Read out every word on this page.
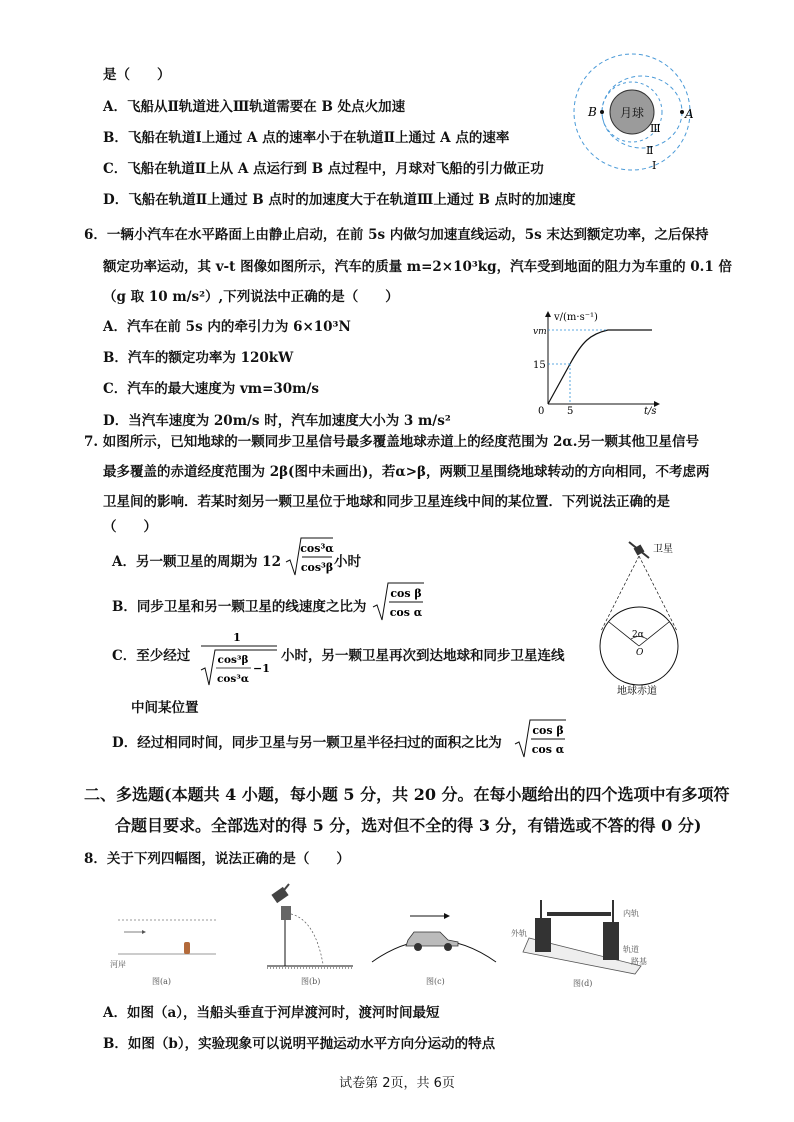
是（　　）
A．飞船从Ⅱ轨道进入Ⅲ轨道需要在 B 处点火加速
B．飞船在轨道Ⅰ上通过 A 点的速率小于在轨道Ⅱ上通过 A 点的速率
C．飞船在轨道Ⅱ上从 A 点运行到 B 点过程中，月球对飞船的引力做正功
D．飞船在轨道Ⅱ上通过 B 点时的加速度大于在轨道Ⅲ上通过 B 点时的加速度
月球
B	A
Ⅲ
Ⅱ
Ⅰ
6．一辆小汽车在水平路面上由静止启动，在前 5s 内做匀加速直线运动，5s 末达到额定功率，之后保持
额定功率运动，其 v-t 图像如图所示，汽车的质量 m=2×10³kg，汽车受到地面的阻力为车重的 0.1 倍
（g 取 10 m/s²）,下列说法中正确的是（　　）
A．汽车在前 5s 内的牵引力为 6×10³N
B．汽车的额定功率为 120kW
C．汽车的最大速度为 vm=30m/s
D．当汽车速度为 20m/s 时，汽车加速度大小为 3 m/s²
v/(m·s⁻¹)
t/s
vm
15
5
0
7. 如图所示，已知地球的一颗同步卫星信号最多覆盖地球赤道上的经度范围为 2α.另一颗其他卫星信号
最多覆盖的赤道经度范围为 2β(图中未画出)，若α>β，两颗卫星围绕地球转动的方向相同，不考虑两
卫星间的影响．若某时刻另一颗卫星位于地球和同步卫星连线中间的某位置．下列说法正确的是
（　　）
A．另一颗卫星的周期为 12
cos³α
cos³β 小时
B．同步卫星和另一颗卫星的线速度之比为
cos β
cos α
C．至少经过
1
cos³β
cos³α
−1
小时，另一颗卫星再次到达地球和同步卫星连线
中间某位置
D．经过相同时间，同步卫星与另一颗卫星半径扫过的面积之比为
cos β
cos α
卫星
2α
O
地球赤道
二、多选题(本题共 4 小题，每小题 5 分，共 20 分。在每小题给出的四个选项中有多项符
合题目要求。全部选对的得 5 分，选对但不全的得 3 分，有错选或不答的得 0 分)
8．关于下列四幅图，说法正确的是（　　）
河岸
图(a)	图(b)	图(c)
外轨
内轨
轨道
路基
图(d)
A．如图（a），当船头垂直于河岸渡河时，渡河时间最短
B．如图（b），实验现象可以说明平抛运动水平方向分运动的特点
试卷第 2页，共 6页
